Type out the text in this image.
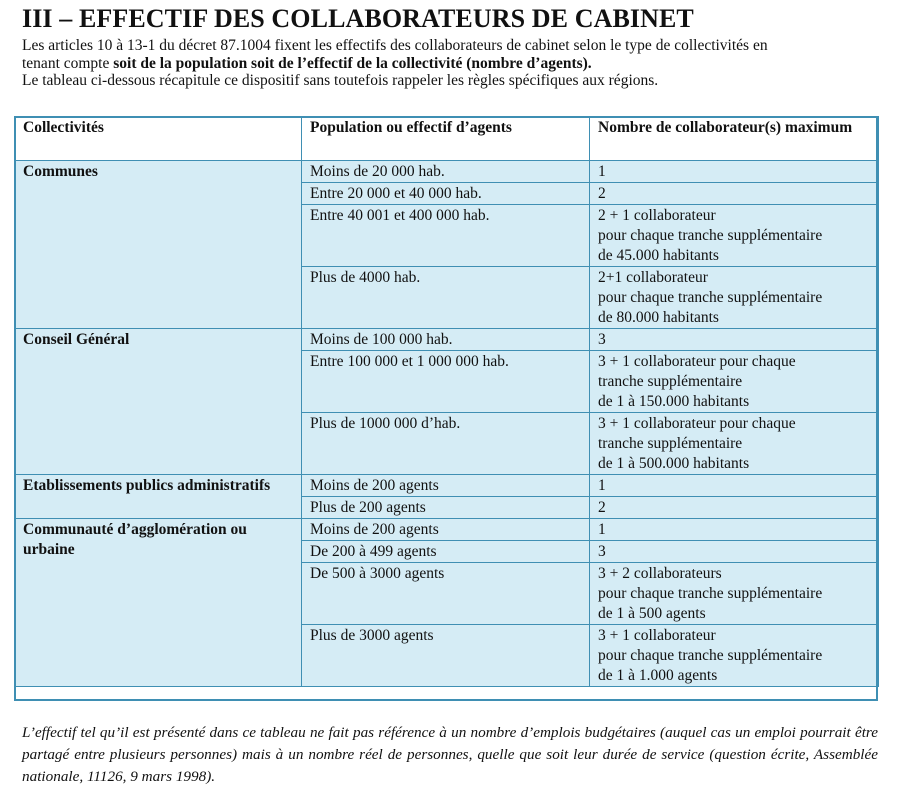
III – EFFECTIF DES COLLABORATEURS DE CABINET
Les articles 10 à 13-1 du décret 87.1004 fixent les effectifs des collaborateurs de cabinet selon le type de collectivités en
tenant compte soit de la population soit de l’effectif de la collectivité (nombre d’agents).
Le tableau ci-dessous récapitule ce dispositif sans toutefois rappeler les règles spécifiques aux régions.
Collectivités	Population ou effectif d’agents	Nombre de collaborateur(s) maximum
Communes	Moins de 20 000 hab.	1

	Entre 20 000 et 40 000 hab.	2

	Entre 40 001 et 400 000 hab.	2 + 1 collaborateur
pour chaque tranche supplémentaire
de 45.000 habitants

	Plus de 4000 hab.	2+1 collaborateur
pour chaque tranche supplémentaire
de 80.000 habitants

Conseil Général	Moins de 100 000 hab.	3

	Entre 100 000 et 1 000 000 hab.	3 + 1 collaborateur pour chaque
tranche supplémentaire
de 1 à 150.000 habitants

	Plus de 1000 000 d’hab.	3 + 1 collaborateur pour chaque
tranche supplémentaire
de 1 à 500.000 habitants

Etablissements publics administratifs	Moins de 200 agents	1

	Plus de 200 agents	2

Communauté d’agglomération ou urbaine	Moins de 200 agents	1

	De 200 à 499 agents	3

	De 500 à 3000 agents	3 + 2 collaborateurs
pour chaque tranche supplémentaire
de 1 à 500 agents

	Plus de 3000 agents	3 + 1 collaborateur
pour chaque tranche supplémentaire
de 1 à 1.000 agents
L’effectif tel qu’il est présenté dans ce tableau ne fait pas référence à un nombre d’emplois budgétaires (auquel cas un emploi pourrait être partagé entre plusieurs personnes) mais à un nombre réel de personnes, quelle que soit leur durée de service (question écrite, Assemblée nationale, 11126, 9 mars 1998).
